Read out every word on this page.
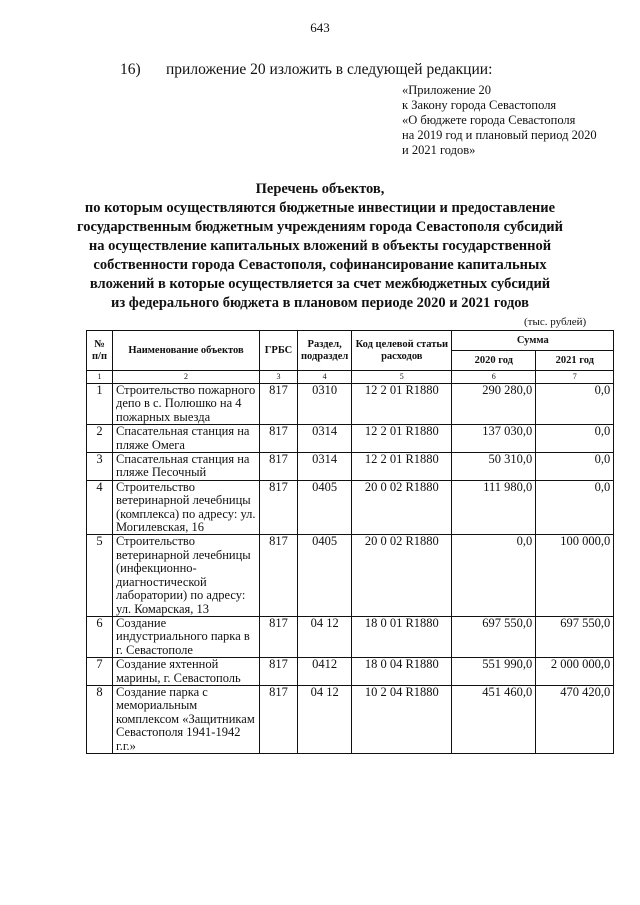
643
16) приложение 20 изложить в следующей редакции:
«Приложение 20
к Закону города Севастополя
«О бюджете города Севастополя
на 2019 год и плановый период 2020
и 2021 годов»
Перечень объектов,
по которым осуществляются бюджетные инвестиции и предоставление
государственным бюджетным учреждениям города Севастополя субсидий
на осуществление капитальных вложений в объекты государственной
собственности города Севастополя, софинансирование капитальных
вложений в которые осуществляется за счет межбюджетных субсидий
из федерального бюджета в плановом периоде 2020 и 2021 годов
(тыс. рублей)
№ п/п	Наименование объектов	ГРБС	Раздел, подраздел	Код целевой статьи расходов	Сумма	
					2020 год	2021 год
1	2	3	4	5	6	7
1	Строительство пожарного депо в с. Полюшко на 4 пожарных выезда	817	0310	12 2 01 R1880	290 280,0	0,0
2	Спасательная станция на пляже Омега	817	0314	12 2 01 R1880	137 030,0	0,0
3	Спасательная станция на пляже Песочный	817	0314	12 2 01 R1880	50 310,0	0,0
4	Строительство ветеринарной лечебницы (комплекса) по адресу: ул. Могилевская, 16	817	0405	20 0 02 R1880	111 980,0	0,0
5	Строительство ветеринарной лечебницы (инфекционно-диагностической лаборатории) по адресу: ул. Комарская, 13	817	0405	20 0 02 R1880	0,0	100 000,0
6	Создание индустриального парка в г. Севастополе	817	04 12	18 0 01 R1880	697 550,0	697 550,0
7	Создание яхтенной марины, г. Севастополь	817	0412	18 0 04 R1880	551 990,0	2 000 000,0
8	Создание парка с мемориальным комплексом «Защитникам Севастополя 1941-1942 г.г.»	817	04 12	10 2 04 R1880	451 460,0	470 420,0
